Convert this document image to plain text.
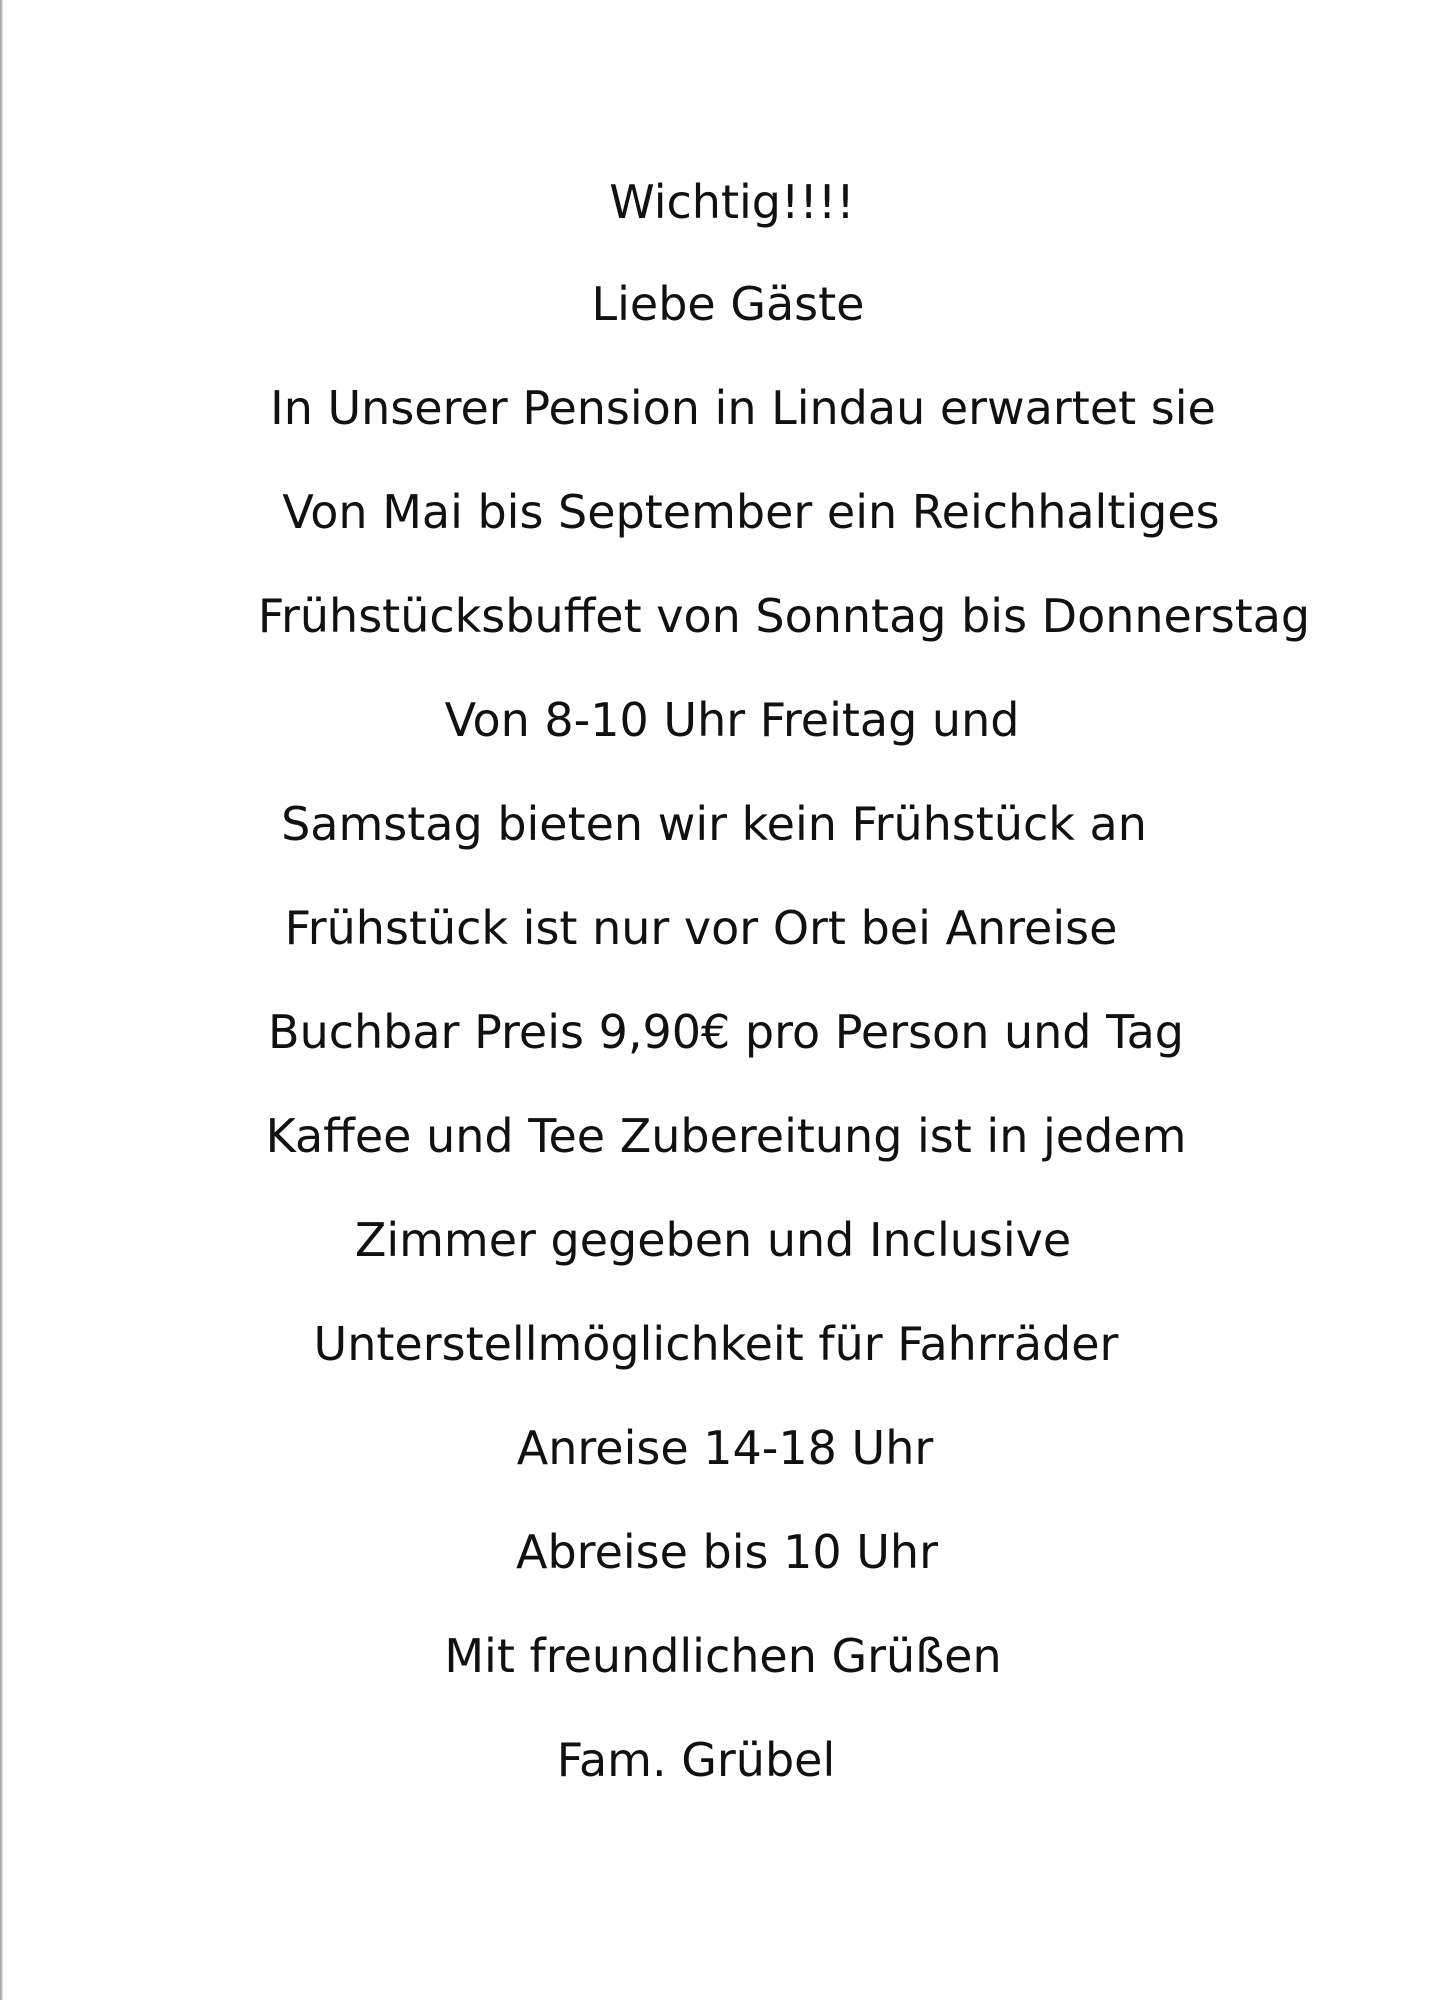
Wichtig!!!!
Liebe Gäste
In Unserer Pension in Lindau erwartet sie
Von Mai bis September ein Reichhaltiges
Frühstücksbuffet von Sonntag bis Donnerstag
Von 8-10 Uhr Freitag und
Samstag bieten wir kein Frühstück an
Frühstück ist nur vor Ort bei Anreise
Buchbar Preis 9,90€ pro Person und Tag
Kaffee und Tee Zubereitung ist in jedem
Zimmer gegeben und Inclusive
Unterstellmöglichkeit für Fahrräder
Anreise 14-18 Uhr
Abreise bis 10 Uhr
Mit freundlichen Grüßen
Fam. Grübel
